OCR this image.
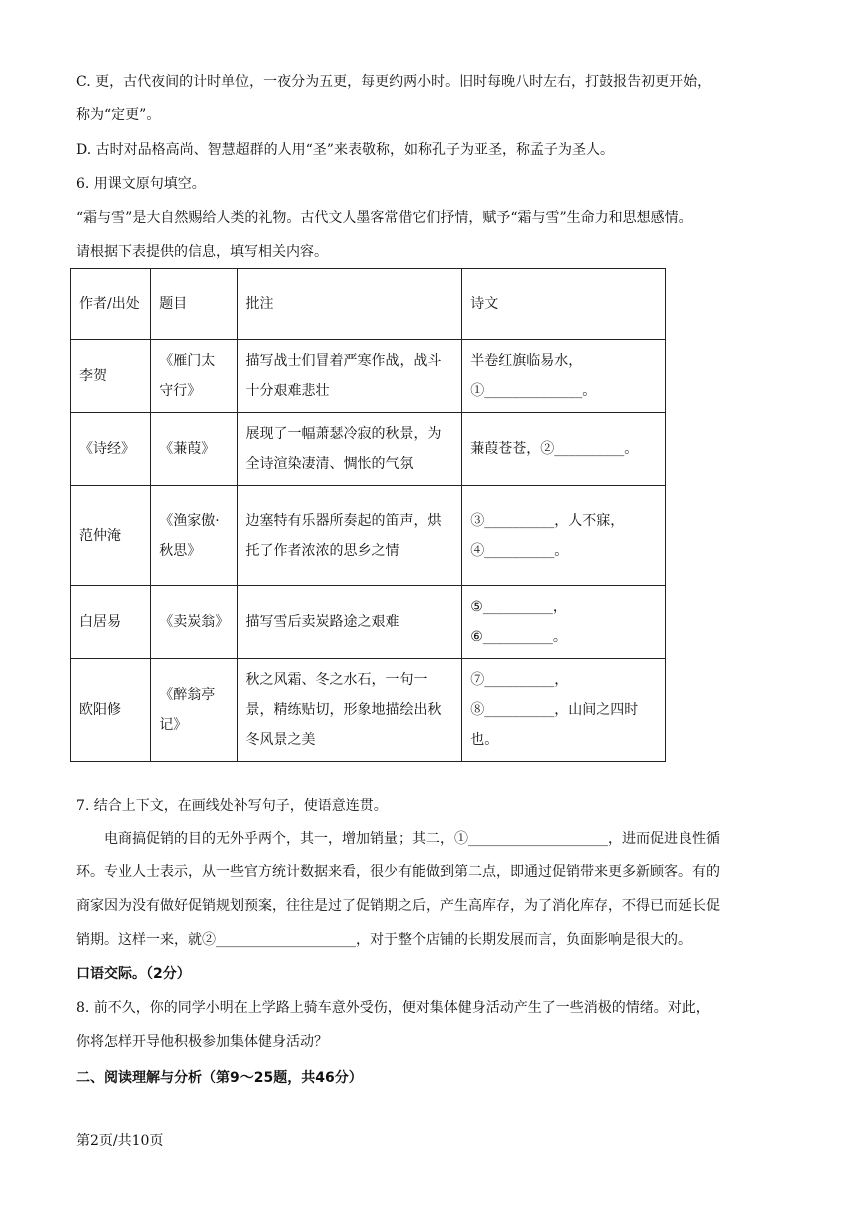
C. 更，古代夜间的计时单位，一夜分为五更，每更约两小时。旧时每晚八时左右，打鼓报告初更开始，
称为“定更”。
D. 古时对品格高尚、智慧超群的人用“圣”来表敬称，如称孔子为亚圣，称孟子为圣人。
6. 用课文原句填空。
“霜与雪”是大自然赐给人类的礼物。古代文人墨客常借它们抒情，赋予“霜与雪”生命力和思想感情。
请根据下表提供的信息，填写相关内容。
作者/出处	题目	批注	诗文
李贺	《雁门太守行》	描写战士们冒着严寒作战，战斗十分艰难悲壮	半卷红旗临易水，①______________。
《诗经》	《蒹葭》	展现了一幅萧瑟冷寂的秋景，为全诗渲染凄清、惆怅的气氛	蒹葭苍苍，②__________。
范仲淹	《渔家傲·秋思》	边塞特有乐器所奏起的笛声，烘托了作者浓浓的思乡之情	③__________，人不寐，④__________。
白居易	《卖炭翁》	描写雪后卖炭路途之艰难	⑤__________，⑥__________。
欧阳修	《醉翁亭记》	秋之风霜、冬之水石，一句一景，精练贴切，形象地描绘出秋冬风景之美	⑦__________，⑧__________，山间之四时也。
7. 结合上下文，在画线处补写句子，使语意连贯。
电商搞促销的目的无外乎两个，其一，增加销量；其二，①____________________，进而促进良性循
环。专业人士表示，从一些官方统计数据来看，很少有能做到第二点，即通过促销带来更多新顾客。有的
商家因为没有做好促销规划预案，往往是过了促销期之后，产生高库存，为了消化库存，不得已而延长促
销期。这样一来，就②____________________，对于整个店铺的长期发展而言，负面影响是很大的。
口语交际。（2分）
8. 前不久，你的同学小明在上学路上骑车意外受伤，便对集体健身活动产生了一些消极的情绪。对此，
你将怎样开导他积极参加集体健身活动？
二、阅读理解与分析（第9～25题，共46分）
第2页/共10页
